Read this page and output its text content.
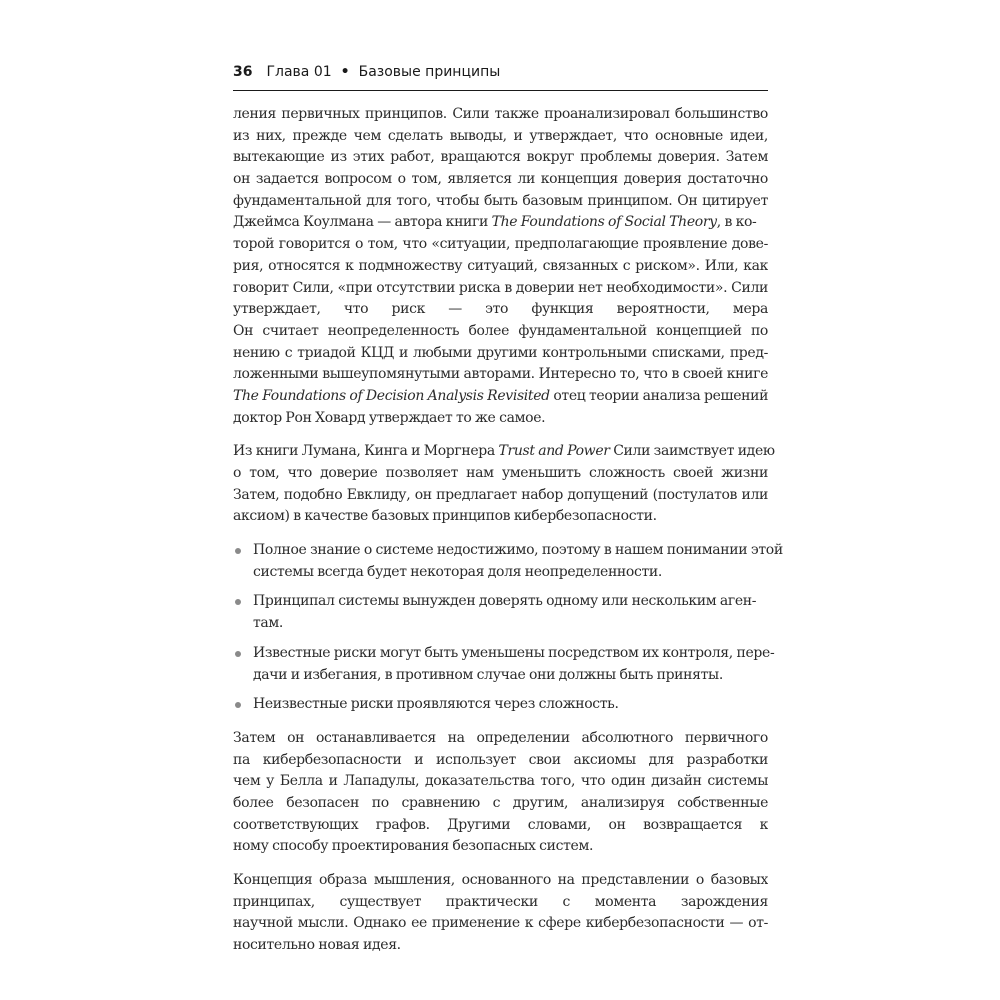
36 Глава 01 • Базовые принципы
ления первичных принципов. Сили также проанализировал большинство
из них, прежде чем сделать выводы, и утверждает, что основные идеи,
вытекающие из этих работ, вращаются вокруг проблемы доверия. Затем
он задается вопросом о том, является ли концепция доверия достаточно
фундаментальной для того, чтобы быть базовым принципом. Он цитирует
Джеймса Коулмана — автора книги The Foundations of Social Theory, в ко-
торой говорится о том, что «ситуации, предполагающие проявление дове-
рия, относятся к подмножеству ситуаций, связанных с риском». Или, как
говорит Сили, «при отсутствии риска в доверии нет необходимости». Сили
утверждает, что риск — это функция вероятности, мера
Он считает неопределенность более фундаментальной концепцией по
нению с триадой КЦД и любыми другими контрольными списками, пред-
ложенными вышеупомянутыми авторами. Интересно то, что в своей книге
The Foundations of Decision Analysis Revisited отец теории анализа решений
доктор Рон Ховард утверждает то же самое.
Из книги Лумана, Кинга и Моргнера Trust and Power Сили заимствует идею
о том, что доверие позволяет нам уменьшить сложность своей жизни
Затем, подобно Евклиду, он предлагает набор допущений (постулатов или
аксиом) в качестве базовых принципов кибербезопасности.
Полное знание о системе недостижимо, поэтому в нашем понимании этой
системы всегда будет некоторая доля неопределенности.
Принципал системы вынужден доверять одному или нескольким аген-
там.
Известные риски могут быть уменьшены посредством их контроля, пере-
дачи и избегания, в противном случае они должны быть приняты.
Неизвестные риски проявляются через сложность.
Затем он останавливается на определении абсолютного первичного
па кибербезопасности и использует свои аксиомы для разработки
чем у Белла и Лападулы, доказательства того, что один дизайн системы
более безопасен по сравнению с другим, анализируя собственные
соответствующих графов. Другими словами, он возвращается к
ному способу проектирования безопасных систем.
Концепция образа мышления, основанного на представлении о базовых
принципах, существует практически с момента зарождения
научной мысли. Однако ее применение к сфере кибербезопасности — от-
носительно новая идея.
